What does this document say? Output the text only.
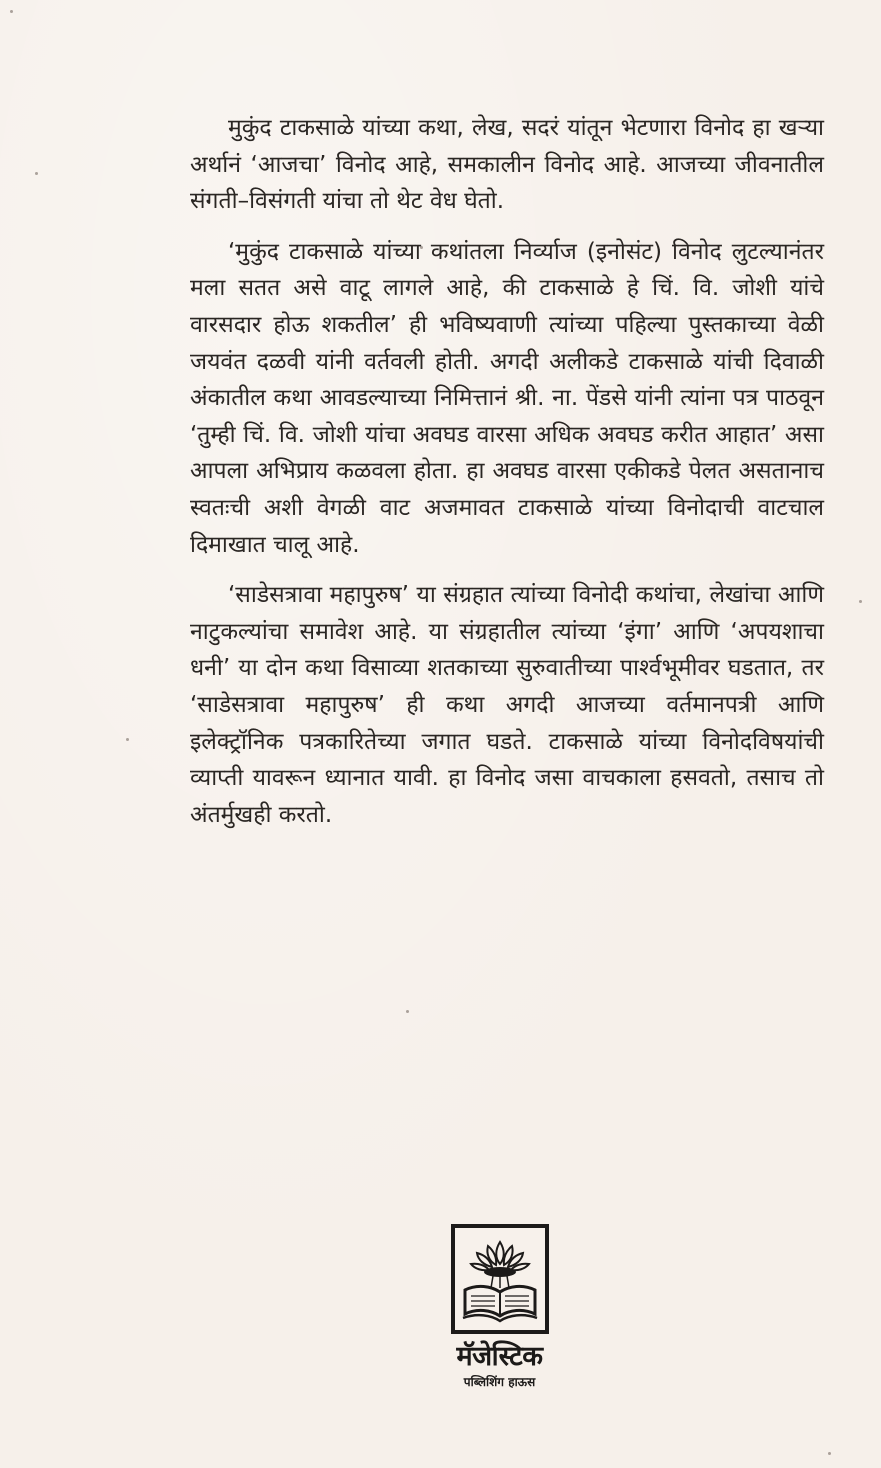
मुकुंद टाकसाळे यांच्या कथा, लेख, सदरं यांतून भेटणारा विनोद हा खऱ्या अर्थानं ‘आजचा’ विनोद आहे, समकालीन विनोद आहे. आजच्या जीवनातील संगती–विसंगती यांचा तो थेट वेध घेतो.

‘मुकुंद टाकसाळे यांच्या कथांतला निर्व्याज (इनोसंट) विनोद लुटल्यानंतर मला सतत असे वाटू लागले आहे, की टाकसाळे हे चिं. वि. जोशी यांचे वारसदार होऊ शकतील’ ही भविष्यवाणी त्यांच्या पहिल्या पुस्तकाच्या वेळी जयवंत दळवी यांनी वर्तवली होती. अगदी अलीकडे टाकसाळे यांची दिवाळी अंकातील कथा आवडल्याच्या निमित्तानं श्री. ना. पेंडसे यांनी त्यांना पत्र पाठवून ‘तुम्ही चिं. वि. जोशी यांचा अवघड वारसा अधिक अवघड करीत आहात’ असा आपला अभिप्राय कळवला होता. हा अवघड वारसा एकीकडे पेलत असतानाच स्वतःची अशी वेगळी वाट अजमावत टाकसाळे यांच्या विनोदाची वाटचाल दिमाखात चालू आहे.

‘साडेसत्रावा महापुरुष’ या संग्रहात त्यांच्या विनोदी कथांचा, लेखांचा आणि नाटुकल्यांचा समावेश आहे. या संग्रहातील त्यांच्या ‘इंगा’ आणि ‘अपयशाचा धनी’ या दोन कथा विसाव्या शतकाच्या सुरुवातीच्या पार्श्वभूमीवर घडतात, तर ‘साडेसत्रावा महापुरुष’ ही कथा अगदी आजच्या वर्तमानपत्री आणि इलेक्ट्रॉनिक पत्रकारितेच्या जगात घडते. टाकसाळे यांच्या विनोदविषयांची व्याप्ती यावरून ध्यानात यावी. हा विनोद जसा वाचकाला हसवतो, तसाच तो अंतर्मुखही करतो.

मॅजेस्टिक
पब्लिशिंग हाऊस
